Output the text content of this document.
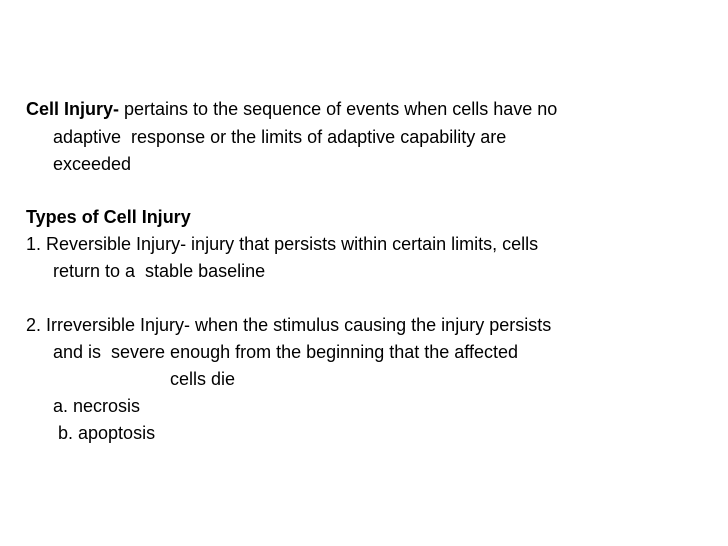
Cell Injury- pertains to the sequence of events when cells have no
adaptive  response or the limits of adaptive capability are
exceeded
Types of Cell Injury
1. Reversible Injury- injury that persists within certain limits, cells
return to a  stable baseline
2. Irreversible Injury- when the stimulus causing the injury persists
and is  severe enough from the beginning that the affected
cells die
a. necrosis
b. apoptosis
